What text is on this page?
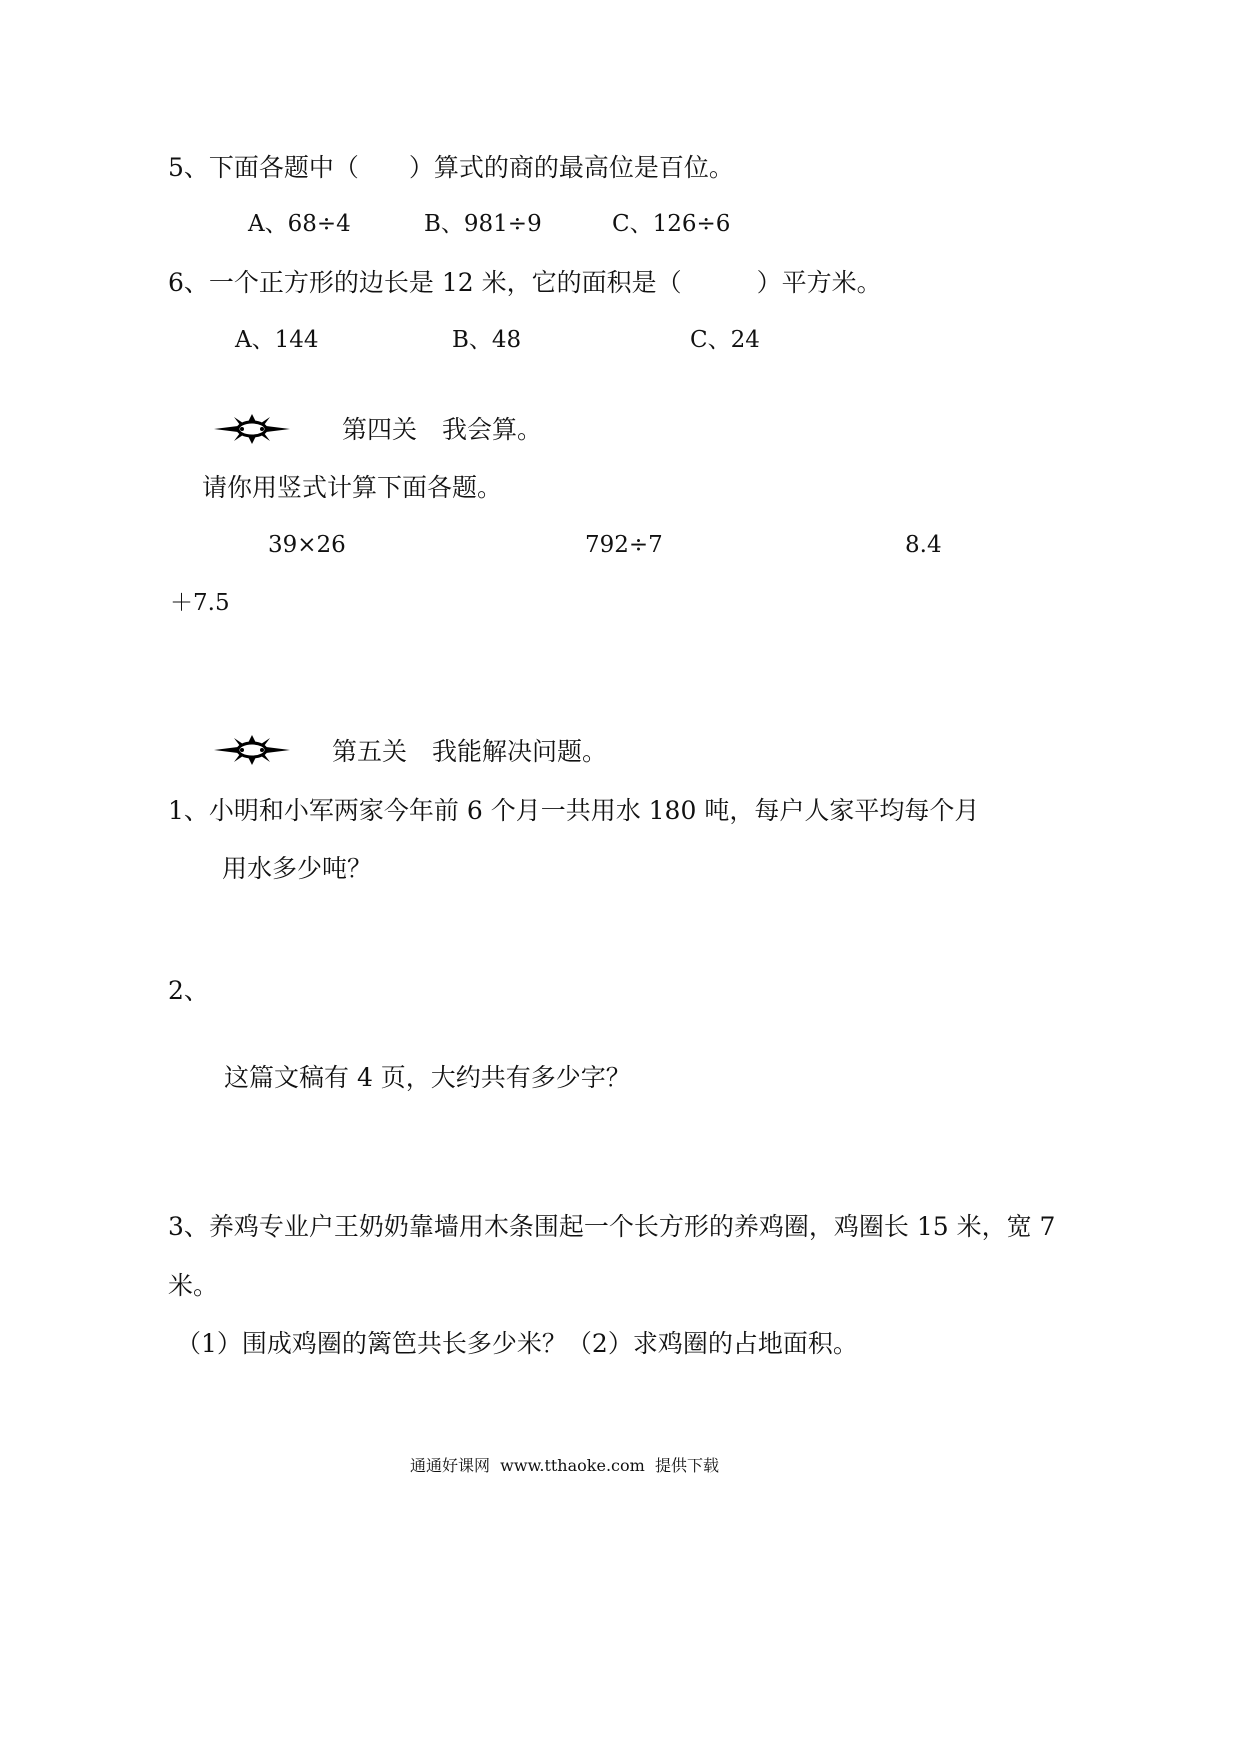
5、下面各题中（　　）算式的商的最高位是百位。
A、68÷4	B、981÷9	C、126÷6
6、一个正方形的边长是 12 米，它的面积是（　　　）平方米。
A、144	B、48	C、24
第四关　我会算。
请你用竖式计算下面各题。
39×26	792÷7	8.4
＋7.5
第五关　我能解决问题。
1、小明和小军两家今年前 6 个月一共用水 180 吨，每户人家平均每个月
用水多少吨？
2、
这篇文稿有 4 页，大约共有多少字？
3、养鸡专业户王奶奶靠墙用木条围起一个长方形的养鸡圈，鸡圈长 15 米，宽 7
米。
（1）围成鸡圈的篱笆共长多少米？（2）求鸡圈的占地面积。
通通好课网  www.tthaoke.com  提供下载
